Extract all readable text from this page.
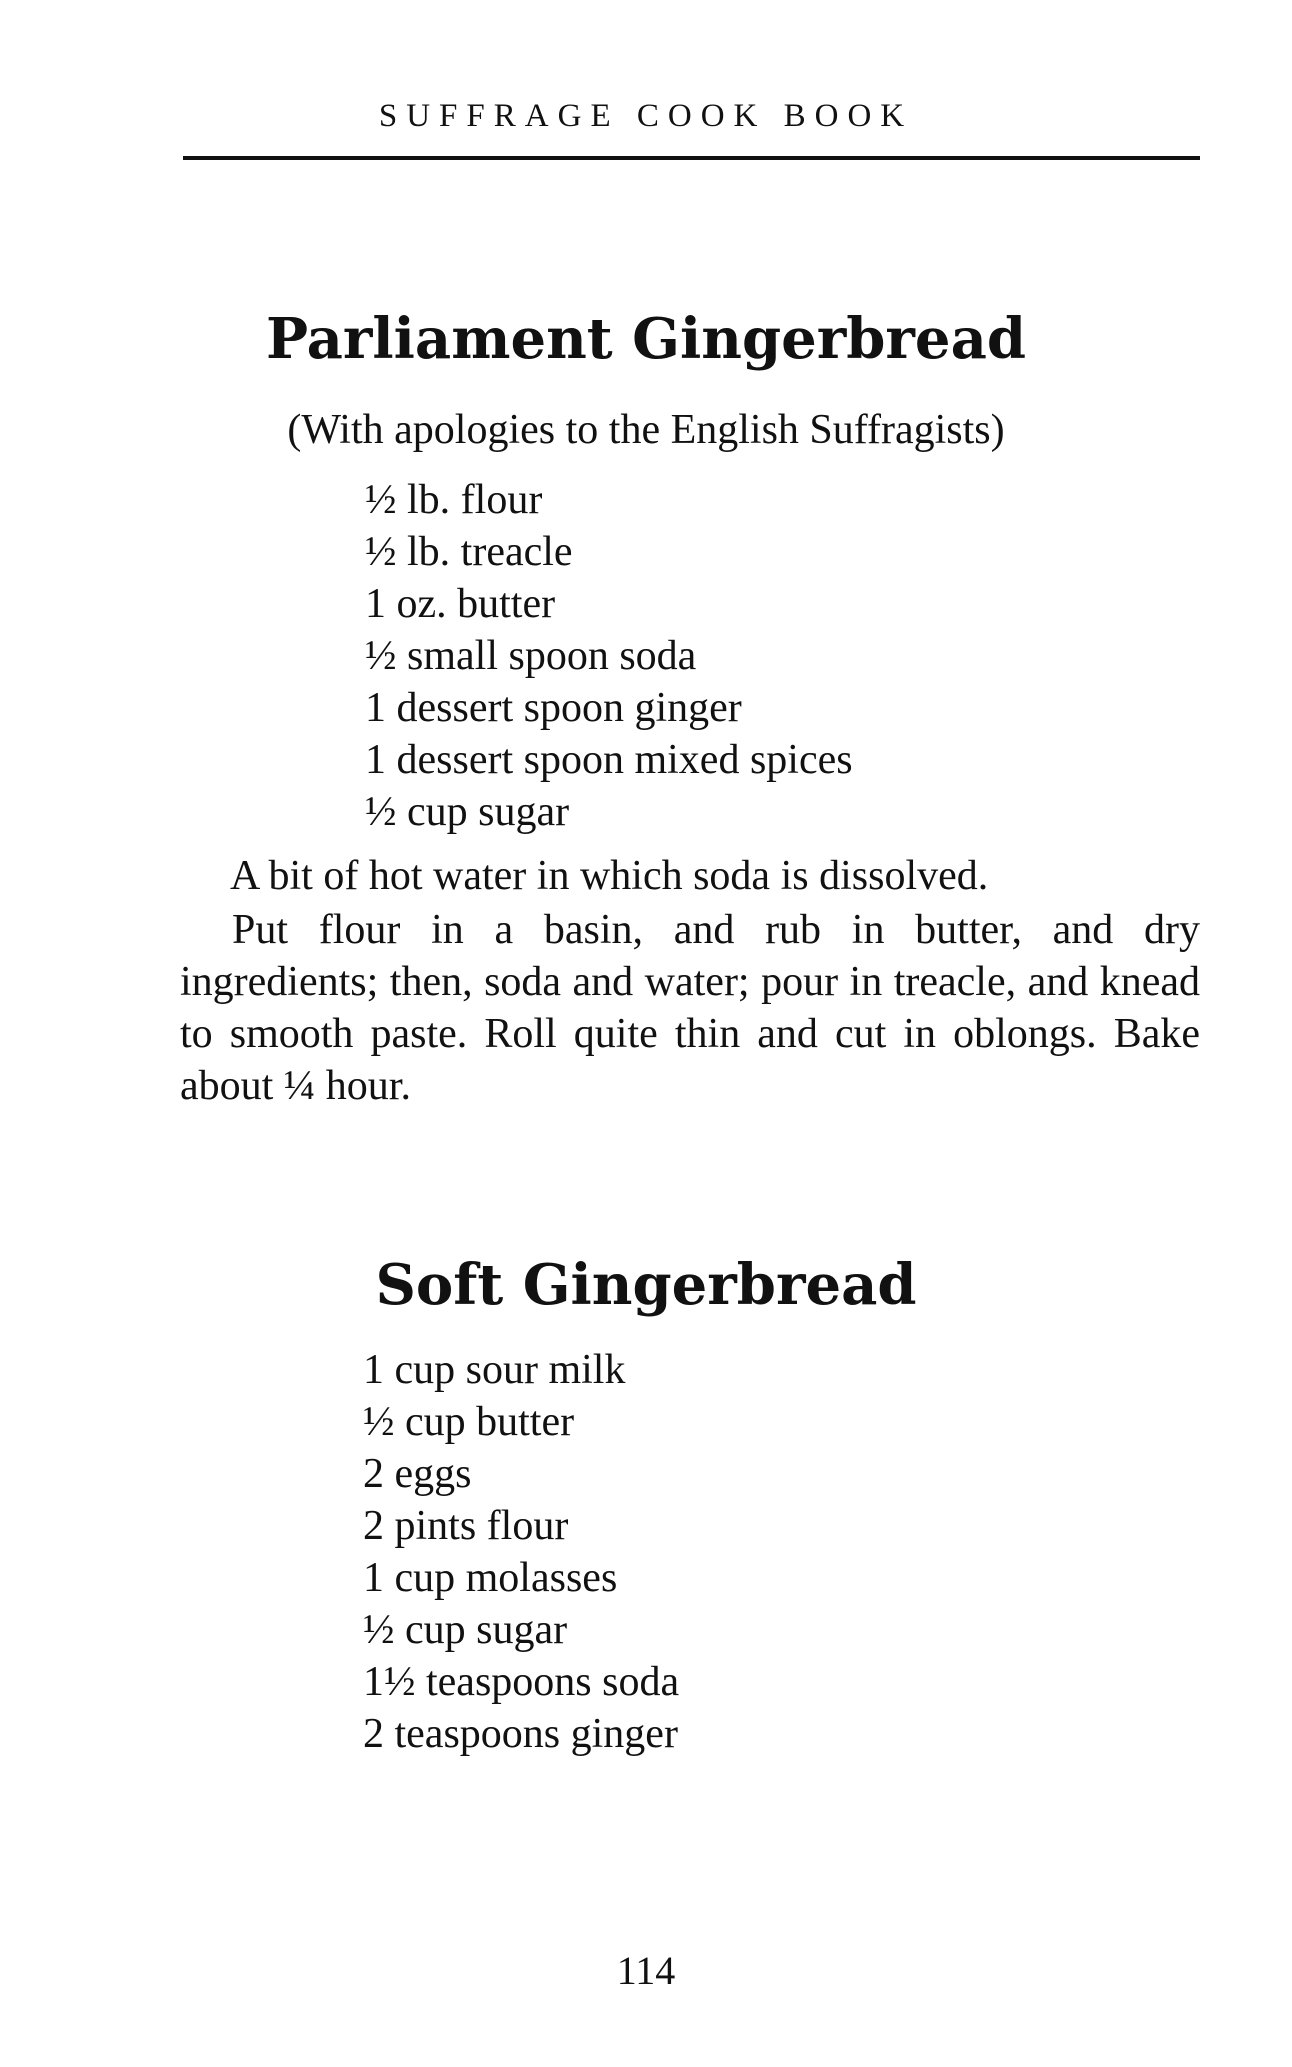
SUFFRAGE COOK BOOK
Parliament Gingerbread
(With apologies to the English Suffragists)
½ lb. flour
½ lb. treacle
1 oz. butter
½ small spoon soda
1 dessert spoon ginger
1 dessert spoon mixed spices
½ cup sugar
A bit of hot water in which soda is dissolved.

Put flour in a basin, and rub in butter, and dry ingredients; then, soda and water; pour in treacle, and knead to smooth paste. Roll quite thin and cut in oblongs. Bake about ¼ hour.

Soft Gingerbread
1 cup sour milk
½ cup butter
2 eggs
2 pints flour
1 cup molasses
½ cup sugar
1½ teaspoons soda
2 teaspoons ginger
114
